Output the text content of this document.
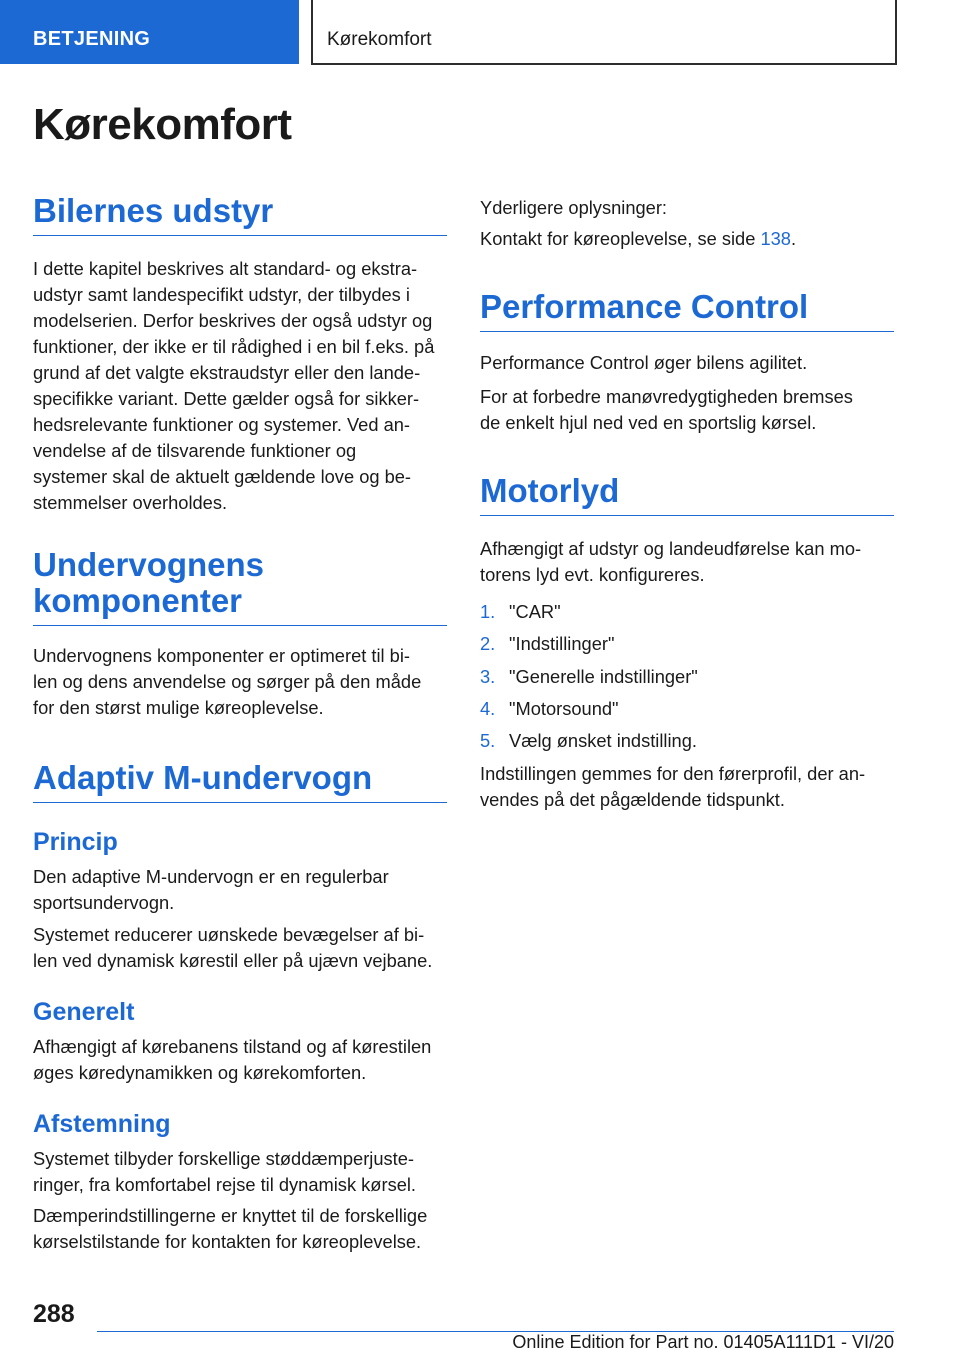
BETJENING	Kørekomfort
Kørekomfort
Bilernes udstyr

I dette kapitel beskrives alt standard- og ekstra-
udstyr samt landespecifikt udstyr, der tilbydes i
modelserien. Derfor beskrives der også udstyr og
funktioner, der ikke er til rådighed i en bil f.eks. på
grund af det valgte ekstraudstyr eller den lande-
specifikke variant. Dette gælder også for sikker-
hedsrelevante funktioner og systemer. Ved an-
vendelse af de tilsvarende funktioner og
systemer skal de aktuelt gældende love og be-
stemmelser overholdes.

Undervognens
komponenter

Undervognens komponenter er optimeret til bi-
len og dens anvendelse og sørger på den måde
for den størst mulige køreoplevelse.

Adaptiv M-undervogn
Princip

Den adaptive M-undervogn er en regulerbar
sportsundervogn.

Systemet reducerer uønskede bevægelser af bi-
len ved dynamisk kørestil eller på ujævn vejbane.

Generelt

Afhængigt af kørebanens tilstand og af kørestilen
øges køredynamikken og kørekomforten.

Afstemning

Systemet tilbyder forskellige støddæmperjuste-
ringer, fra komfortabel rejse til dynamisk kørsel.

Dæmperindstillingerne er knyttet til de forskellige
kørselstilstande for kontakten for køreoplevelse.

Yderligere oplysninger:

Kontakt for køreoplevelse, se side 138.

Performance Control

Performance Control øger bilens agilitet.

For at forbedre manøvredygtigheden bremses
de enkelt hjul ned ved en sportslig kørsel.

Motorlyd

Afhængigt af udstyr og landeudførelse kan mo-
torens lyd evt. konfigureres.

1. "CAR"
2. "Indstillinger"
3. "Generelle indstillinger"
4. "Motorsound"
5. Vælg ønsket indstilling.

Indstillingen gemmes for den førerprofil, der an-
vendes på det pågældende tidspunkt.

288
Online Edition for Part no. 01405A111D1 - VI/20
